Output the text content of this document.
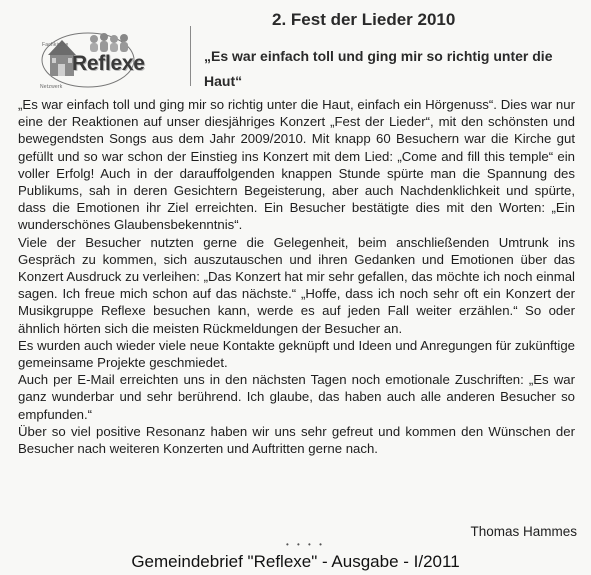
Fachkirche
Reflexe
Netzwerk
2. Fest der Lieder 2010
„Es war einfach toll und ging mir so richtig unter die Haut“

„Es war einfach toll und ging mir so richtig unter die Haut, einfach ein Hörgenuss“. Dies war nur eine der Reaktionen auf unser diesjähriges Konzert „Fest der Lieder“, mit den schönsten und bewegendsten Songs aus dem Jahr 2009/2010. Mit knapp 60 Besuchern war die Kirche gut gefüllt und so war schon der Einstieg ins Konzert mit dem Lied: „Come and fill this temple“ ein voller Erfolg! Auch in der darauffolgenden knappen Stunde spürte man die Spannung des Publikums, sah in deren Gesichtern Begeisterung, aber auch Nachdenklichkeit und spürte, dass die Emotionen ihr Ziel erreichten. Ein Besucher bestätigte dies mit den Worten: „Ein wunderschönes Glaubensbekenntnis“.

Viele der Besucher nutzten gerne die Gelegenheit, beim anschließenden Umtrunk ins Gespräch zu kommen, sich auszutauschen und ihren Gedanken und Emotionen über das Konzert Ausdruck zu verleihen: „Das Konzert hat mir sehr gefallen, das möchte ich noch einmal sagen. Ich freue mich schon auf das nächste.“ „Hoffe, dass ich noch sehr oft ein Konzert der Musikgruppe Reflexe besuchen kann, werde es auf jeden Fall weiter erzählen.“ So oder ähnlich hörten sich die meisten Rückmeldungen der Besucher an.

Es wurden auch wieder viele neue Kontakte geknüpft und Ideen und Anregungen für zukünftige gemeinsame Projekte geschmiedet.

Auch per E-Mail erreichten uns in den nächsten Tagen noch emotionale Zuschriften: „Es war ganz wunderbar und sehr berührend. Ich glaube, das haben auch alle anderen Besucher so empfunden.“

Über so viel positive Resonanz haben wir uns sehr gefreut und kommen den Wünschen der Besucher nach weiteren Konzerten und Auftritten gerne nach.

Thomas Hammes
• • • •
Gemeindebrief "Reflexe" - Ausgabe - I/2011
